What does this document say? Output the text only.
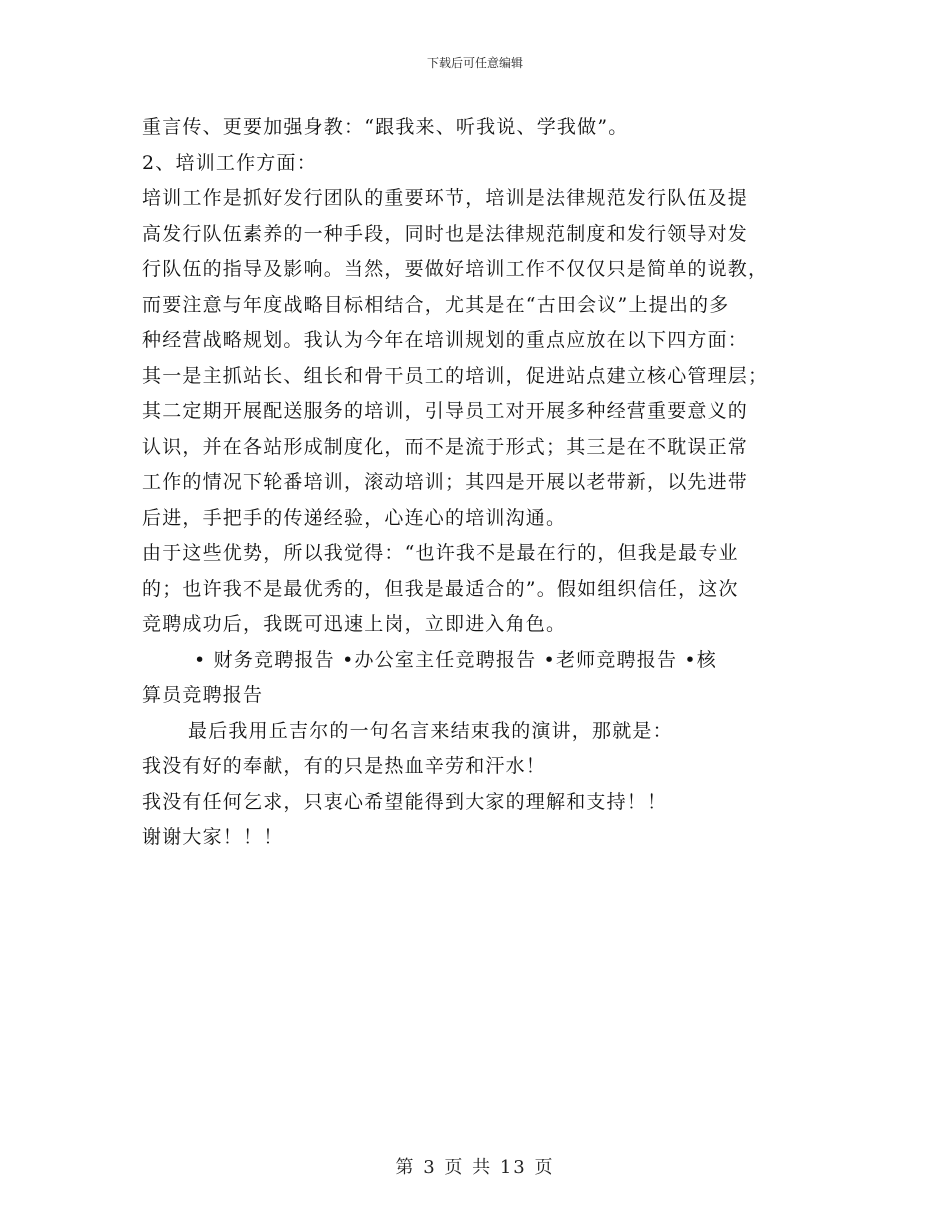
下载后可任意编辑
重言传、更要加强身教：“跟我来、听我说、学我做”。
2、培训工作方面：
培训工作是抓好发行团队的重要环节，培训是法律规范发行队伍及提
高发行队伍素养的一种手段，同时也是法律规范制度和发行领导对发
行队伍的指导及影响。当然，要做好培训工作不仅仅只是简单的说教，
而要注意与年度战略目标相结合，尤其是在“古田会议”上提出的多
种经营战略规划。我认为今年在培训规划的重点应放在以下四方面：
其一是主抓站长、组长和骨干员工的培训，促进站点建立核心管理层；
其二定期开展配送服务的培训，引导员工对开展多种经营重要意义的
认识，并在各站形成制度化，而不是流于形式；其三是在不耽误正常
工作的情况下轮番培训，滚动培训；其四是开展以老带新，以先进带
后进，手把手的传递经验，心连心的培训沟通。
由于这些优势，所以我觉得：“也许我不是最在行的，但我是最专业
的；也许我不是最优秀的，但我是最适合的”。假如组织信任，这次
竞聘成功后，我既可迅速上岗，立即进入角色。
• 财务竞聘报告 •办公室主任竞聘报告 •老师竞聘报告 •核
算员竞聘报告
最后我用丘吉尔的一句名言来结束我的演讲，那就是：
我没有好的奉献，有的只是热血辛劳和汗水！
我没有任何乞求，只衷心希望能得到大家的理解和支持！！
谢谢大家！！！
第 3 页 共 13 页
